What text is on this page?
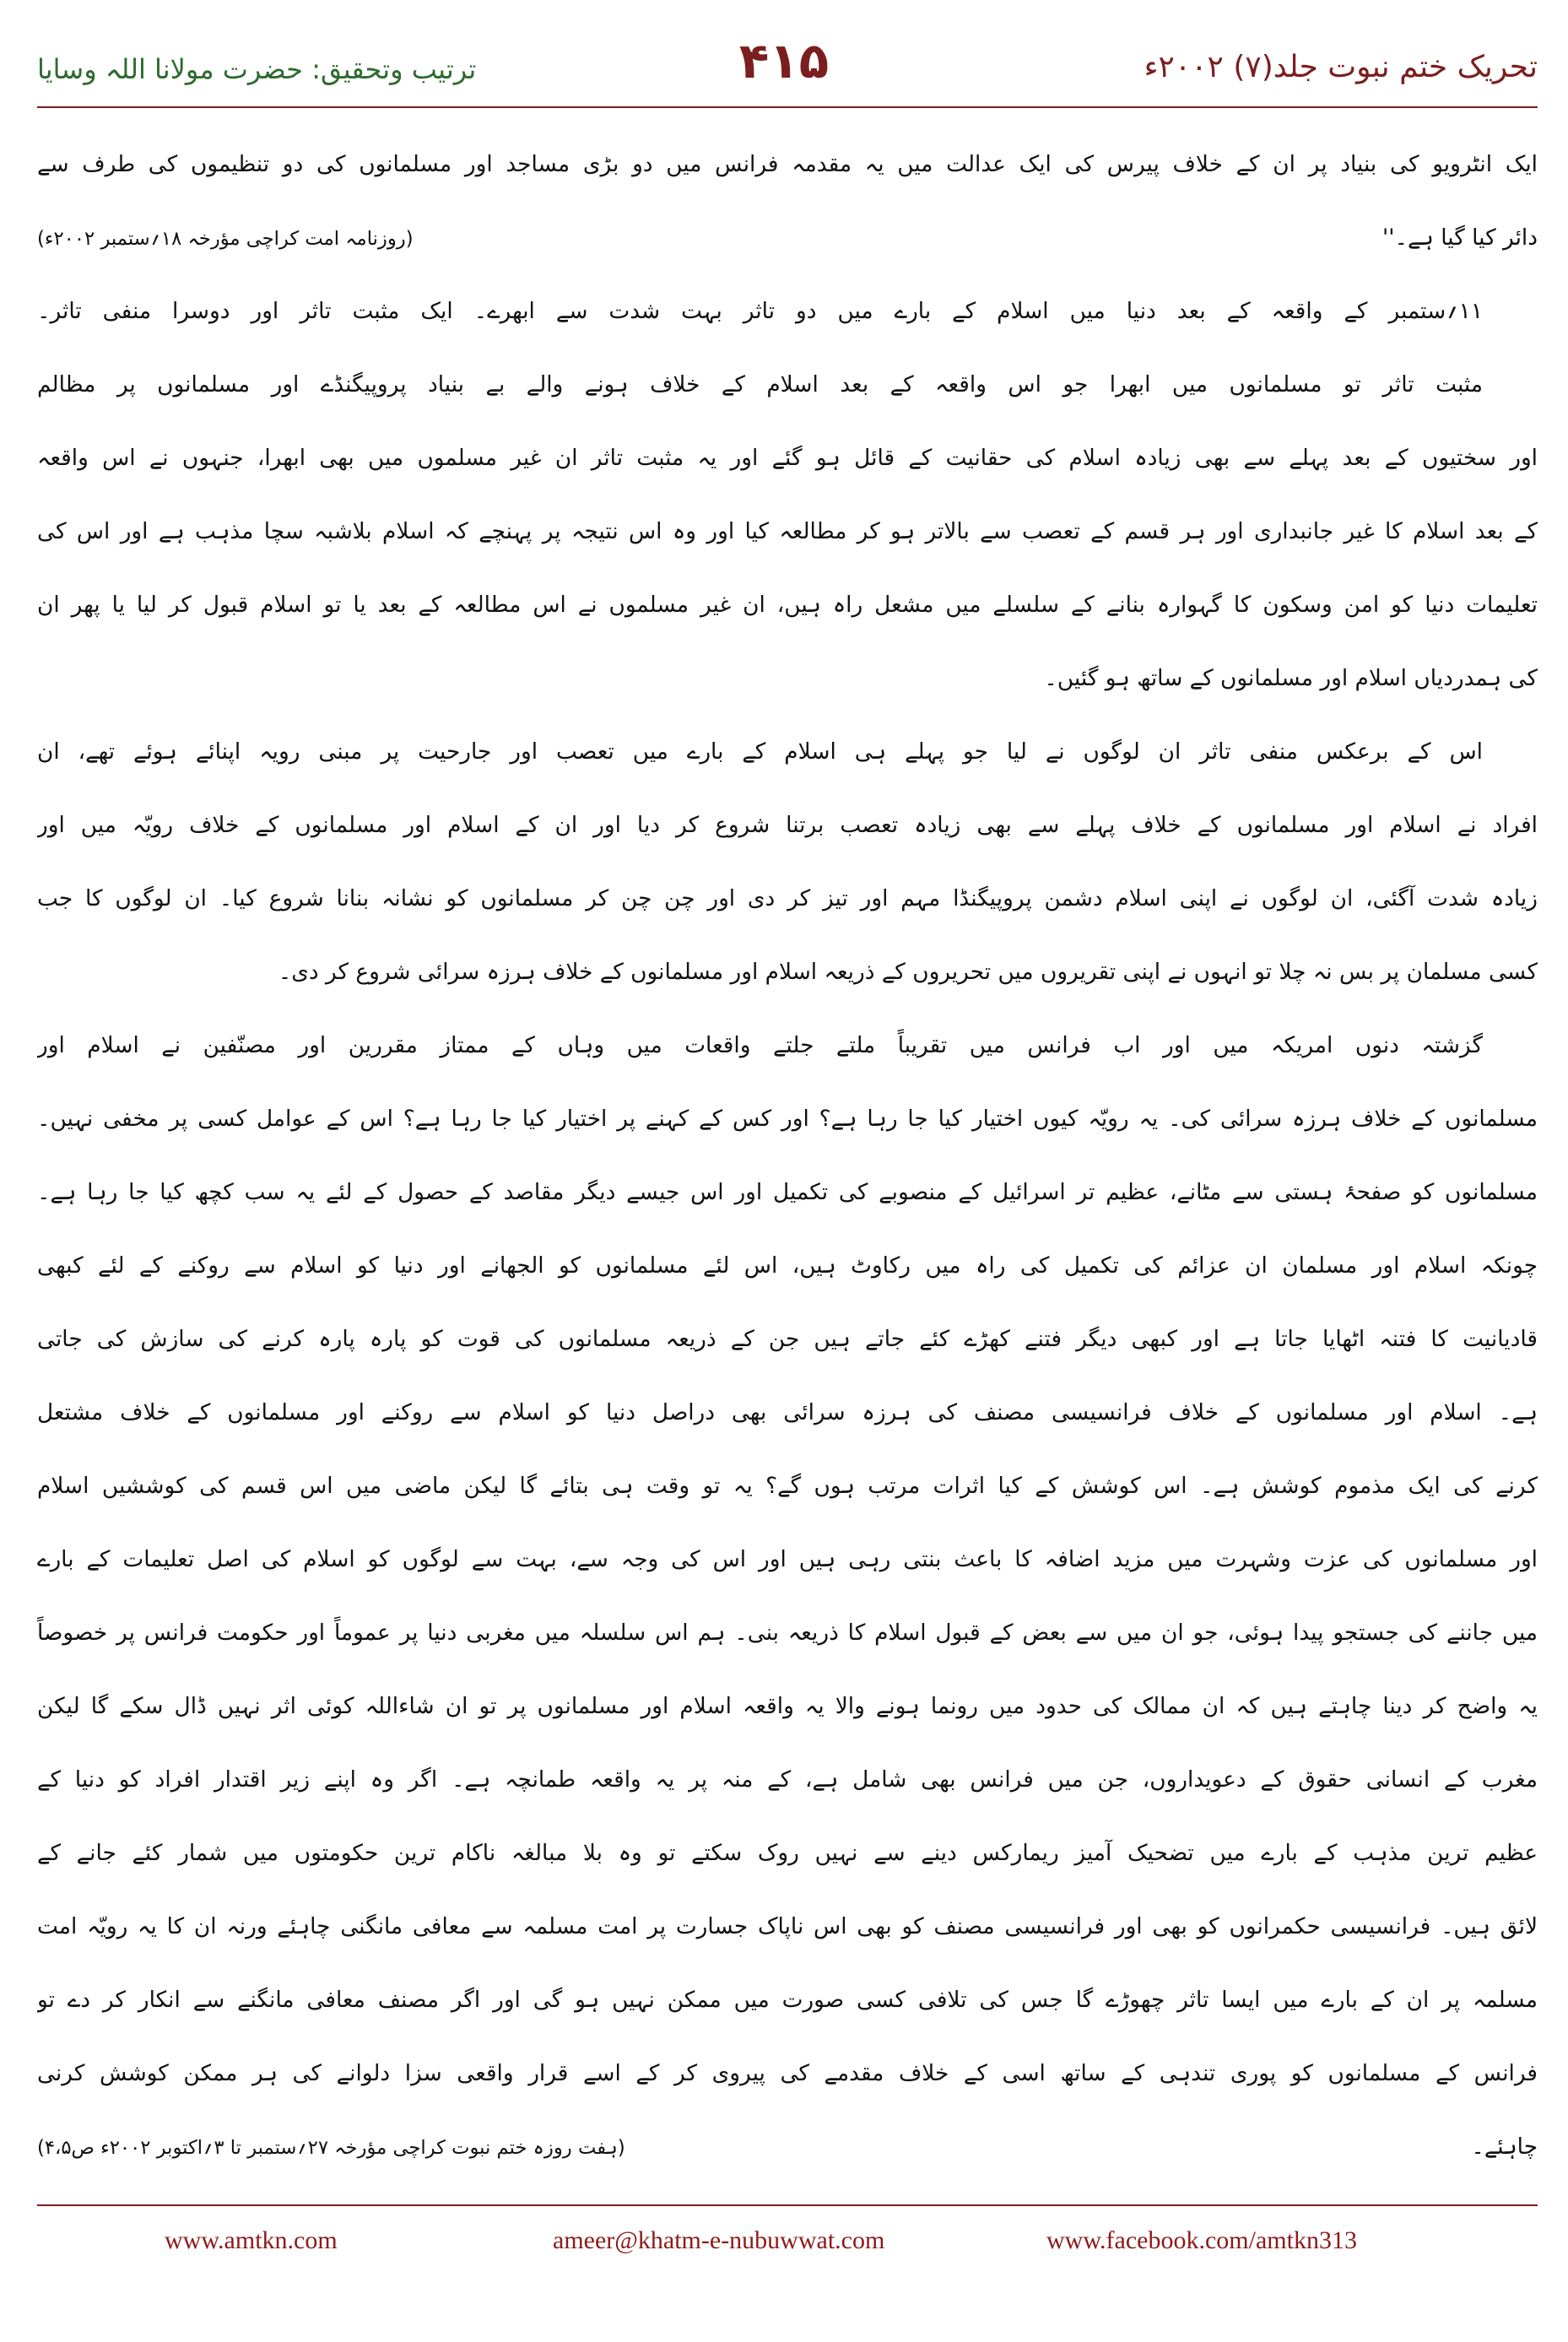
تحریک ختم نبوت جلد(۷) ۲۰۰۲ء
۴۱۵
ترتیب وتحقیق: حضرت مولانا اللہ وسایا
ایک انٹرویو کی بنیاد پر ان کے خلاف پیرس کی ایک عدالت میں یہ مقدمہ فرانس میں دو بڑی مساجد اور مسلمانوں کی دو تنظیموں کی طرف سے
دائر کیا گیا ہے۔''
(روزنامہ امت کراچی مؤرخہ ۱۸؍ستمبر ۲۰۰۲ء)
۱۱؍ستمبر کے واقعہ کے بعد دنیا میں اسلام کے بارے میں دو تاثر بہت شدت سے ابھرے۔ ایک مثبت تاثر اور دوسرا منفی تاثر۔
مثبت تاثر تو مسلمانوں میں ابھرا جو اس واقعہ کے بعد اسلام کے خلاف ہونے والے بے بنیاد پروپیگنڈے اور مسلمانوں پر مظالم
اور سختیوں کے بعد پہلے سے بھی زیادہ اسلام کی حقانیت کے قائل ہو گئے اور یہ مثبت تاثر ان غیر مسلموں میں بھی ابھرا، جنہوں نے اس واقعہ
کے بعد اسلام کا غیر جانبداری اور ہر قسم کے تعصب سے بالاتر ہو کر مطالعہ کیا اور وہ اس نتیجہ پر پہنچے کہ اسلام بلاشبہ سچا مذہب ہے اور اس کی
تعلیمات دنیا کو امن وسکون کا گہوارہ بنانے کے سلسلے میں مشعل راہ ہیں، ان غیر مسلموں نے اس مطالعہ کے بعد یا تو اسلام قبول کر لیا یا پھر ان
کی ہمدردیاں اسلام اور مسلمانوں کے ساتھ ہو گئیں۔
اس کے برعکس منفی تاثر ان لوگوں نے لیا جو پہلے ہی اسلام کے بارے میں تعصب اور جارحیت پر مبنی رویہ اپنائے ہوئے تھے، ان
افراد نے اسلام اور مسلمانوں کے خلاف پہلے سے بھی زیادہ تعصب برتنا شروع کر دیا اور ان کے اسلام اور مسلمانوں کے خلاف رویّہ میں اور
زیادہ شدت آگئی، ان لوگوں نے اپنی اسلام دشمن پروپیگنڈا مہم اور تیز کر دی اور چن چن کر مسلمانوں کو نشانہ بنانا شروع کیا۔ ان لوگوں کا جب
کسی مسلمان پر بس نہ چلا تو انہوں نے اپنی تقریروں میں تحریروں کے ذریعہ اسلام اور مسلمانوں کے خلاف ہرزہ سرائی شروع کر دی۔
گزشتہ دنوں امریکہ میں اور اب فرانس میں تقریباً ملتے جلتے واقعات میں وہاں کے ممتاز مقررین اور مصنّفین نے اسلام اور
مسلمانوں کے خلاف ہرزہ سرائی کی۔ یہ رویّہ کیوں اختیار کیا جا رہا ہے؟ اور کس کے کہنے پر اختیار کیا جا رہا ہے؟ اس کے عوامل کسی پر مخفی نہیں۔
مسلمانوں کو صفحۂ ہستی سے مٹانے، عظیم تر اسرائیل کے منصوبے کی تکمیل اور اس جیسے دیگر مقاصد کے حصول کے لئے یہ سب کچھ کیا جا رہا ہے۔
چونکہ اسلام اور مسلمان ان عزائم کی تکمیل کی راہ میں رکاوٹ ہیں، اس لئے مسلمانوں کو الجھانے اور دنیا کو اسلام سے روکنے کے لئے کبھی
قادیانیت کا فتنہ اٹھایا جاتا ہے اور کبھی دیگر فتنے کھڑے کئے جاتے ہیں جن کے ذریعہ مسلمانوں کی قوت کو پارہ پارہ کرنے کی سازش کی جاتی
ہے۔ اسلام اور مسلمانوں کے خلاف فرانسیسی مصنف کی ہرزہ سرائی بھی دراصل دنیا کو اسلام سے روکنے اور مسلمانوں کے خلاف مشتعل
کرنے کی ایک مذموم کوشش ہے۔ اس کوشش کے کیا اثرات مرتب ہوں گے؟ یہ تو وقت ہی بتائے گا لیکن ماضی میں اس قسم کی کوششیں اسلام
اور مسلمانوں کی عزت وشہرت میں مزید اضافہ کا باعث بنتی رہی ہیں اور اس کی وجہ سے، بہت سے لوگوں کو اسلام کی اصل تعلیمات کے بارے
میں جاننے کی جستجو پیدا ہوئی، جو ان میں سے بعض کے قبول اسلام کا ذریعہ بنی۔ ہم اس سلسلہ میں مغربی دنیا پر عموماً اور حکومت فرانس پر خصوصاً
یہ واضح کر دینا چاہتے ہیں کہ ان ممالک کی حدود میں رونما ہونے والا یہ واقعہ اسلام اور مسلمانوں پر تو ان شاءاللہ کوئی اثر نہیں ڈال سکے گا لیکن
مغرب کے انسانی حقوق کے دعویداروں، جن میں فرانس بھی شامل ہے، کے منہ پر یہ واقعہ طمانچہ ہے۔ اگر وہ اپنے زیر اقتدار افراد کو دنیا کے
عظیم ترین مذہب کے بارے میں تضحیک آمیز ریمارکس دینے سے نہیں روک سکتے تو وہ بلا مبالغہ ناکام ترین حکومتوں میں شمار کئے جانے کے
لائق ہیں۔ فرانسیسی حکمرانوں کو بھی اور فرانسیسی مصنف کو بھی اس ناپاک جسارت پر امت مسلمہ سے معافی مانگنی چاہئے ورنہ ان کا یہ رویّہ امت
مسلمہ پر ان کے بارے میں ایسا تاثر چھوڑے گا جس کی تلافی کسی صورت میں ممکن نہیں ہو گی اور اگر مصنف معافی مانگنے سے انکار کر دے تو
فرانس کے مسلمانوں کو پوری تندہی کے ساتھ اسی کے خلاف مقدمے کی پیروی کر کے اسے قرار واقعی سزا دلوانے کی ہر ممکن کوشش کرنی
چاہئے۔
(ہفت روزہ ختم نبوت کراچی مؤرخہ ۲۷؍ستمبر تا ۳؍اکتوبر ۲۰۰۲ء ص۴،۵)
www.amtkn.com	ameer@khatm-e-nubuwwat.com	www.facebook.com/amtkn313
